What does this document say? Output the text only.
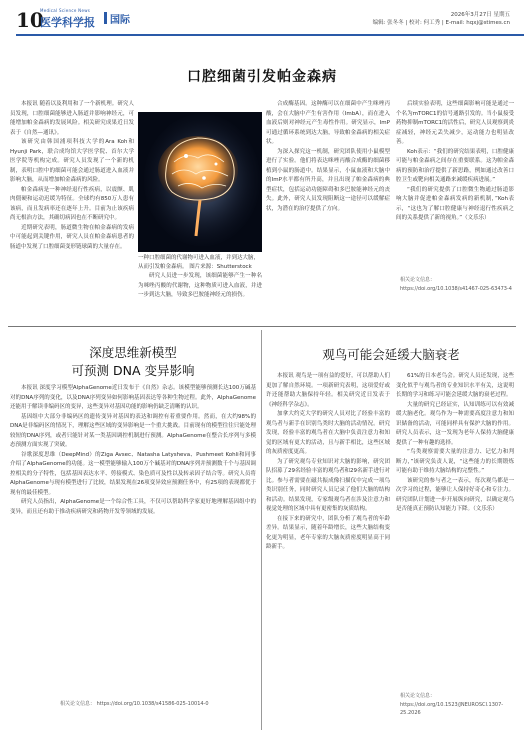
10
Medical Science News
医学科学报	国际	2026年3月27日 星期五
编辑: 张冬冬 | 校对: 何工秀 | E-mail: hqxj@stimes.cn
口腔细菌引发帕金森病

本报讯 随着以及利用和了一个新机理。研究人员发现，口腔细菌能够进入肠道并影响神经元，可能增加帕金森病的发展风险。相关研究成果近日发表于《自然—通讯》。

该研究由韩国浦项科技大学的Ara Koh和Hyunji Park，联合成均馆大学医学院、首尔大学医学院等机构完成。研究人员发现了一个新的机制，表明口腔中的细菌可能会通过肠道进入血液并影响大脑，从而增加帕金森病的风险。

帕金森病是一种神经退行性疾病，以震颤、肌肉僵硬和运动迟缓为特征。全球约有850万人患有该病，而且发病率还在逐年上升。目前为止该疾病尚无根治方法，其确切病因也在不断研究中。

近期研究表明，肠道微生物在帕金森病的发病中可能起到关键作用，研究人员在帕金森病患者的肠道中发现了口腔细菌变形链球菌的大量存在。

一种口腔细菌的代谢物可进入血液，并到达大脑，从而引发帕金森病。 图片来源：Shutterstock

研究人员进一步发现，该细菌能够产生一种名为咪唑丙酸的代谢物，这种物质可进入血液，并进一步到达大脑，导致多巴胺能神经元的损伤。

合成酶基因。这种酶可以在细菌中产生咪唑丙酸，会在大脑中产生有害作用（ImbA），而在进入血液后则对神经元产生毒性作用。研究显示，ImP可通过循环系统到达大脑，导致帕金森病的相关症状。

为深入探究这一机制，研究团队使用小鼠模型进行了实验。他们将表达咪唑丙酸合成酶的细菌移植到小鼠的肠道中。结果显示，小鼠血液和大脑中的ImP水平都有所升高，并且出现了帕金森病的典型症状，包括运动功能障碍和多巴胺能神经元的丧失。此外，研究人员发现阻断这一途径可以缓解症状，为潜在的治疗提供了方向。

后续实验表明，这些细菌影响可能是通过一个名为mTORC1的信号通路引发的。当小鼠接受药物抑制mTORC1的活性后，研究人员观察到炎症减轻，神经元丢失减少，运动能力也明显改善。

Koh表示：“我们的研究结果表明，口腔健康可能与帕金森病之间存在重要联系。这为帕金森病的预防和治疗提供了新思路，例如通过改善口腔卫生或靶向相关通路来减缓疾病进展。”

“我们的研究提供了口腔微生物通过肠道影响大脑并促进帕金森病发病的新机制，”Koh表示，“这也为了解口腔健康与神经退行性疾病之间的关系提供了新的视角。”（文乐乐）

相关论文信息：
https://doi.org/10.1038/s41467-025-63473-4
深度思维新模型
可预测 DNA 变异影响

本报讯 深度学习模型AlphaGenome近日发布于《自然》杂志。该模型能够预测长达100万碱基对的DNA序列的变化，以及DNA序列变异如何影响基因表达等各种生物过程。此外，AlphaGenome还能用于解读非编码区的变异，这些变异对基因功能的影响仍缺乏清晰的认识。

基因组中大部分非编码区的遗传变异对基因的表达和调控有着重要作用。然而，在大约98%的DNA是非编码区的情况下，理解这些区域的变异影响是一个重大挑战。目前现有的模型往往只能处理较短的DNA序列，或者只能针对某一类基因调控机制进行预测。AlphaGenome在整合长序列与多模态预测方面实现了突破。

谷歌深度思维（DeepMind）的Ziga Avsec、Natasha Latysheva、Pushmeet Kohli和同事介绍了AlphaGenome的功能。这一模型能够输入100万个碱基对的DNA序列并预测数千个与基因调控相关的分子特性，包括基因表达水平、剪接模式、染色质可及性以及转录因子结合等。研究人员将AlphaGenome与现有模型进行了比较，结果发现在26项变异效应预测任务中，有25项的表现都优于现有的最佳模型。

研究人员指出，AlphaGenome是一个综合性工具，不仅可以帮助科学家更好地理解基因组中的变异，而且还有助于推动疾病研究和药物开发等领域的发展。

相关论文信息： https://doi.org/10.1038/s41586-025-10014-0
观鸟可能会延缓大脑衰老

本报讯 观鸟是一项有益的爱好，可以帮助人们更加了解自然环境。一项新研究表明，这项爱好或许还能帮助大脑保持年轻。相关研究近日发表于《神经科学杂志》。

加拿大约克大学的研究人员对比了经验丰富的观鸟者与新手在识别鸟类时大脑的活动情况。研究发现，经验丰富的观鸟者在大脑中负责注意力和知觉的区域有更大的活动，且与新手相比，这些区域的灰质密度更高。

为了研究观鸟专业知识对大脑的影响，研究团队招募了29名经验丰富的观鸟者和29名新手进行对比。参与者需要在磁共振成像扫描仪中完成一项鸟类识别任务，同时研究人员记录了他们大脑的结构和活动。结果发现，专家级观鸟者在涉及注意力和视觉处理的区域中具有更密集的灰质结构。

在接下来的研究中，团队分析了观鸟者的年龄差异。结果显示，随着年龄增长，这些大脑结构变化更为明显，老年专家的大脑灰质密度明显高于同龄新手。

61%的日本老鸟会。研究人员还发现，这些变化似乎与观鸟者的专业知识水平有关，这说明长期的学习和练习可能会延缓大脑的衰老过程。

大量的研究已经证实，认知训练可以有效减缓大脑老化。观鸟作为一种需要高度注意力和知识储备的活动，可能同样具有保护大脑的作用。研究人员表示，这一发现为老年人保持大脑健康提供了一种有趣的选择。

“鸟类观察需要大量的注意力、记忆力和判断力，”该研究负责人说，“这些能力的长期锻炼可能有助于维持大脑结构的完整性。”

该研究的参与者之一表示，每次观鸟都是一次学习的过程，能够让人保持好奇心和专注力。研究团队计划进一步开展纵向研究，以确定观鸟是否能真正预防认知能力下降。（文乐乐）

相关论文信息：
https://doi.org/10.1523/JNEUROSCI.1307-25.2026
